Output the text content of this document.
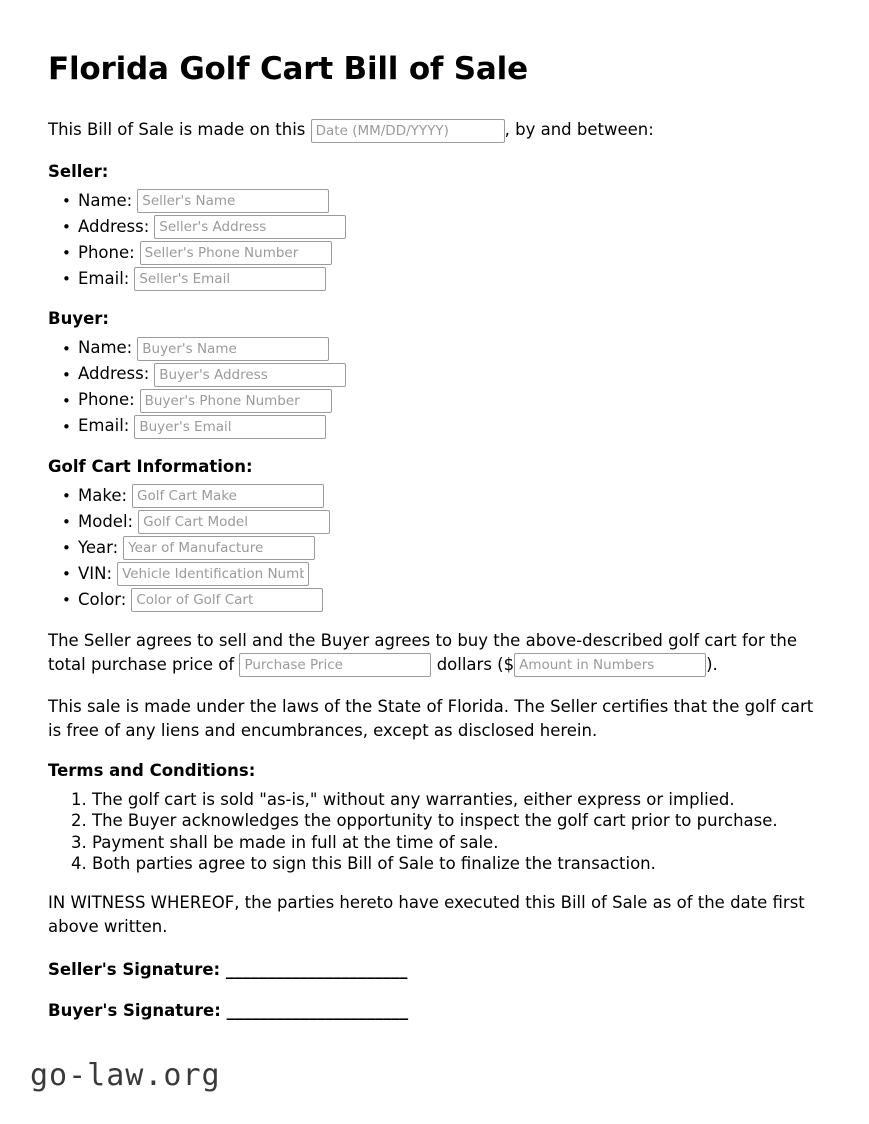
Florida Golf Cart Bill of Sale

This Bill of Sale is made on this Date (MM/DD/YYYY)	, by and between:

Seller:
• Name:
Seller's Name
• Address:
Seller's Address
• Phone:
Seller's Phone Number
• Email:
Seller's Email
Buyer:
• Name:
Buyer's Name
• Address:
Buyer's Address
• Phone:
Buyer's Phone Number
• Email:
Buyer's Email
Golf Cart Information:
• Make:
Golf Cart Make
• Model:
Golf Cart Model
• Year:
Year of Manufacture
• VIN:
Vehicle Identification Number
• Color:
Color of Golf Cart

The Seller agrees to sell and the Buyer agrees to buy the above-described golf cart for the total purchase price of Purchase Price	dollars ($Amount in Numbers	).

This sale is made under the laws of the State of Florida. The Seller certifies that the golf cart is free of any liens and encumbrances, except as disclosed herein.

Terms and Conditions:
1. The golf cart is sold "as-is," without any warranties, either express or implied.
2. The Buyer acknowledges the opportunity to inspect the golf cart prior to purchase.
3. Payment shall be made in full at the time of sale.
4. Both parties agree to sign this Bill of Sale to finalize the transaction.

IN WITNESS WHEREOF, the parties hereto have executed this Bill of Sale as of the date first above written.

Seller's Signature: ______________________
Buyer's Signature: ______________________
go-law.org
